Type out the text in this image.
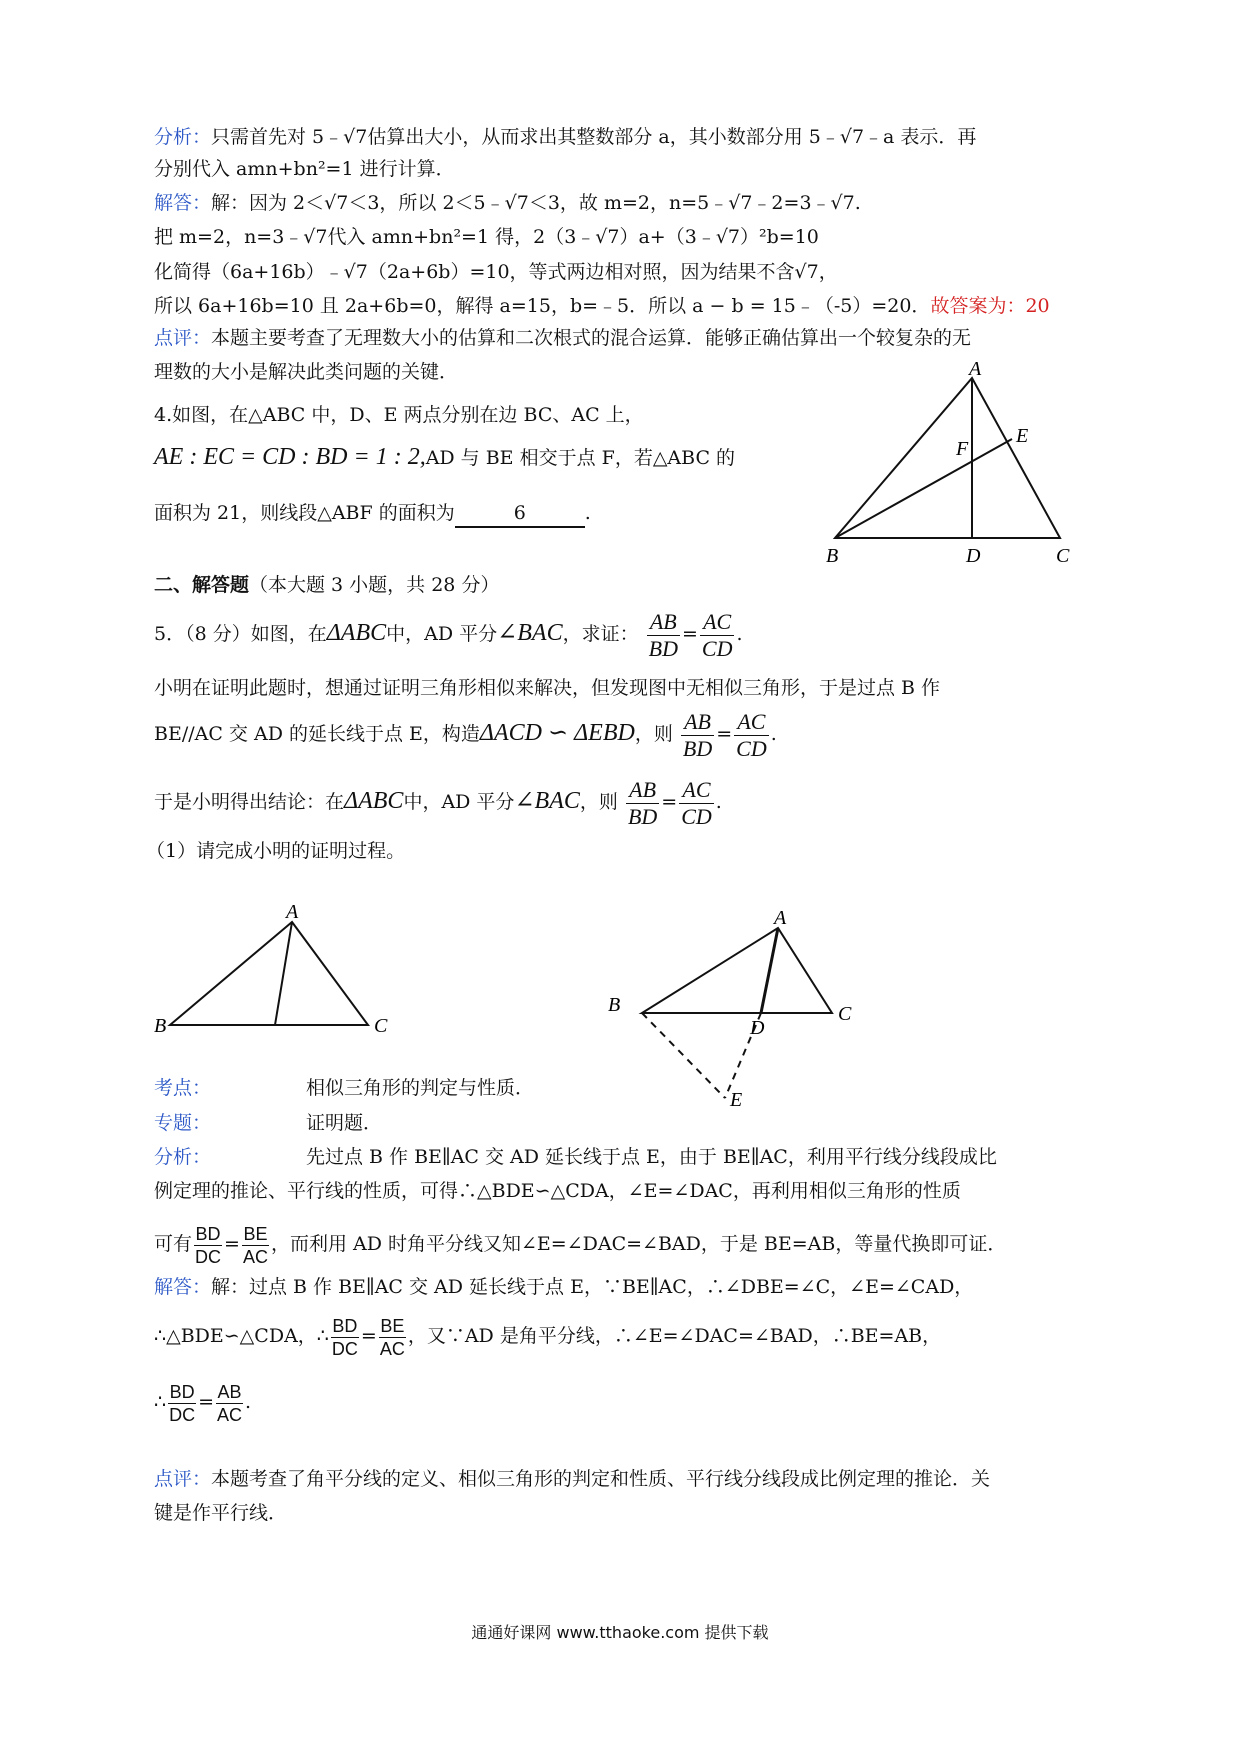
分析：只需首先对 5﹣√7估算出大小，从而求出其整数部分 a，其小数部分用 5﹣√7﹣a 表示．再
分别代入 amn+bn²=1 进行计算．
解答：解：因为 2＜√7＜3，所以 2＜5﹣√7＜3，故 m=2，n=5﹣√7﹣2=3﹣√7.
把 m=2，n=3﹣√7代入 amn+bn²=1 得，2（3﹣√7）a+（3﹣√7）²b=10
化简得（6a+16b）﹣√7（2a+6b）=10，等式两边相对照，因为结果不含√7，
所以 6a+16b=10 且 2a+6b=0，解得 a=15，b=﹣5．所以 a − b = 15﹣（-5）=20．故答案为：20
点评：本题主要考查了无理数大小的估算和二次根式的混合运算．能够正确估算出一个较复杂的无
理数的大小是解决此类问题的关键．
4.如图，在△ABC 中，D、E 两点分别在边 BC、AC 上，
AE : EC = CD : BD = 1 : 2,AD 与 BE 相交于点 F，若△ABC 的
面积为 21，则线段△ABF 的面积为	6	.
A
E
F
B	D	C
二、解答题（本大题 3 小题，共 28 分）
5．（8 分）如图，在ΔABC中，AD 平分∠BAC，求证： $\frac{AB}{BD} = \frac{AC}{CD}$ .
小明在证明此题时，想通过证明三角形相似来解决，但发现图中无相似三角形，于是过点 B 作
BE//AC 交 AD 的延长线于点 E，构造ΔACD ∽ ΔEBD，则 $\frac{AB}{BD} = \frac{AC}{CD}$ .
于是小明得出结论：在ΔABC中，AD 平分∠BAC，则 $\frac{AB}{BD} = \frac{AC}{CD}$ .
（1）请完成小明的证明过程。
A
B	C
A
B
D
C
E
考点：	相似三角形的判定与性质．
专题：	证明题．
分析：	先过点 B 作 BE∥AC 交 AD 延长线于点 E，由于 BE∥AC，利用平行线分线段成比
例定理的推论、平行线的性质，可得∴△BDE∽△CDA，∠E=∠DAC，再利用相似三角形的性质
可有 $\frac{BD}{DC} = \frac{BE}{AC}$ ，而利用 AD 时角平分线又知∠E=∠DAC=∠BAD，于是 BE=AB，等量代换即可证．
解答：解：过点 B 作 BE∥AC 交 AD 延长线于点 E，∵BE∥AC，∴∠DBE=∠C，∠E=∠CAD，
∴△BDE∽△CDA，∴ $\frac{BD}{DC} = \frac{BE}{AC}$ ，又∵AD 是角平分线，∴∠E=∠DAC=∠BAD，∴BE=AB，
∴ $\frac{BD}{DC} = \frac{AB}{AC}$ .
点评：本题考查了角平分线的定义、相似三角形的判定和性质、平行线分线段成比例定理的推论．关
键是作平行线．
通通好课网 www.tthaoke.com 提供下载
